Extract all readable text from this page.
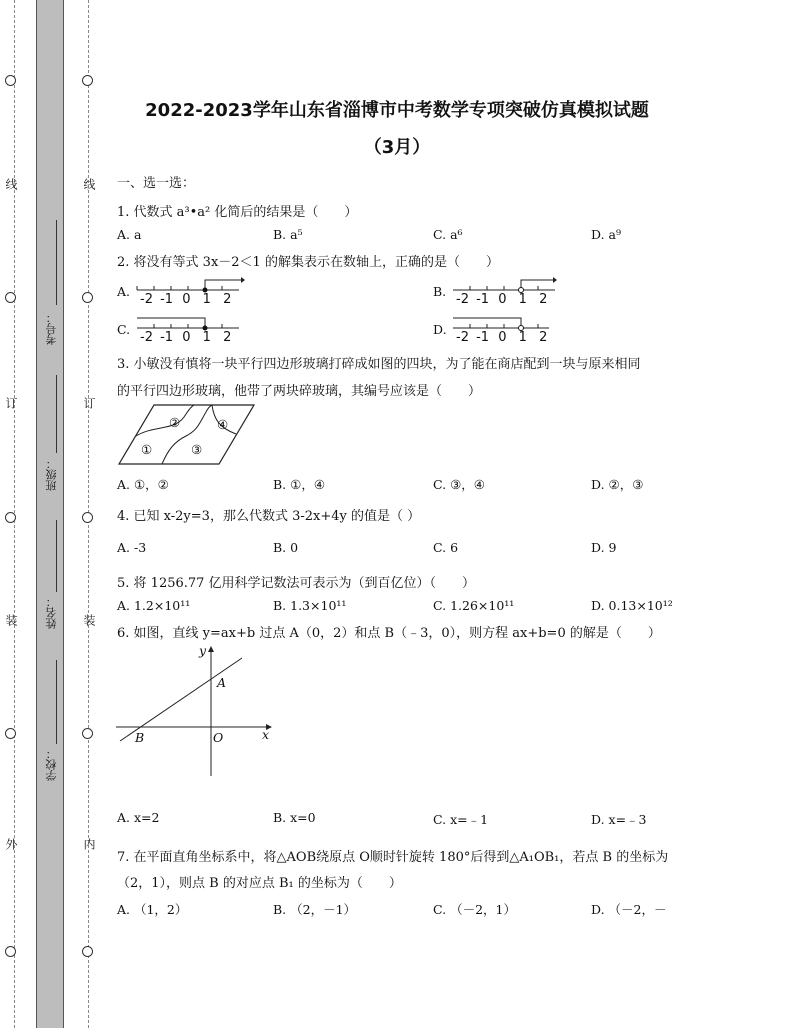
线
订
装
外
线
订
装
内
考号：
班级：
姓名：
学校：
2022-2023学年山东省淄博市中考数学专项突破仿真模拟试题
（3月）
一、选一选：
1. 代数式 a³•a² 化简后的结果是（　　）
A. a	B. a⁵	C. a⁶	D. a⁹
2. 将没有等式 3x－2＜1 的解集表示在数轴上，正确的是（　　）
A.	B.
C.	D.
-2 -1 0 1 2	-2 -1 0 1 2
-2 -1 0 1 2	-2 -1 0 1 2
3. 小敏没有慎将一块平行四边形玻璃打碎成如图的四块，为了能在商店配到一块与原来相同
的平行四边形玻璃，他带了两块碎玻璃，其编号应该是（　　）
①
②
③
④
A. ①，②	B. ①，④	C. ③，④	D. ②，③
4. 已知 x-2y=3，那么代数式 3-2x+4y 的值是（ ）
A. -3	B. 0	C. 6	D. 9
5. 将 1256.77 亿用科学记数法可表示为（到百亿位）（　　）
A. 1.2×10¹¹	B. 1.3×10¹¹	C. 1.26×10¹¹	D. 0.13×10¹²
6. 如图，直线 y=ax+b 过点 A（0，2）和点 B（﹣3，0），则方程 ax+b=0 的解是（　　）
y
x
A
B	O
A. x=2	B. x=0	C. x=﹣1	D. x=﹣3
7. 在平面直角坐标系中，将△AOB绕原点 O顺时针旋转 180°后得到△A₁OB₁，若点 B 的坐标为
（2，1），则点 B 的对应点 B₁ 的坐标为（　　）
A. （1，2）	B. （2，－1）	C. （－2，1）	D. （－2，－
